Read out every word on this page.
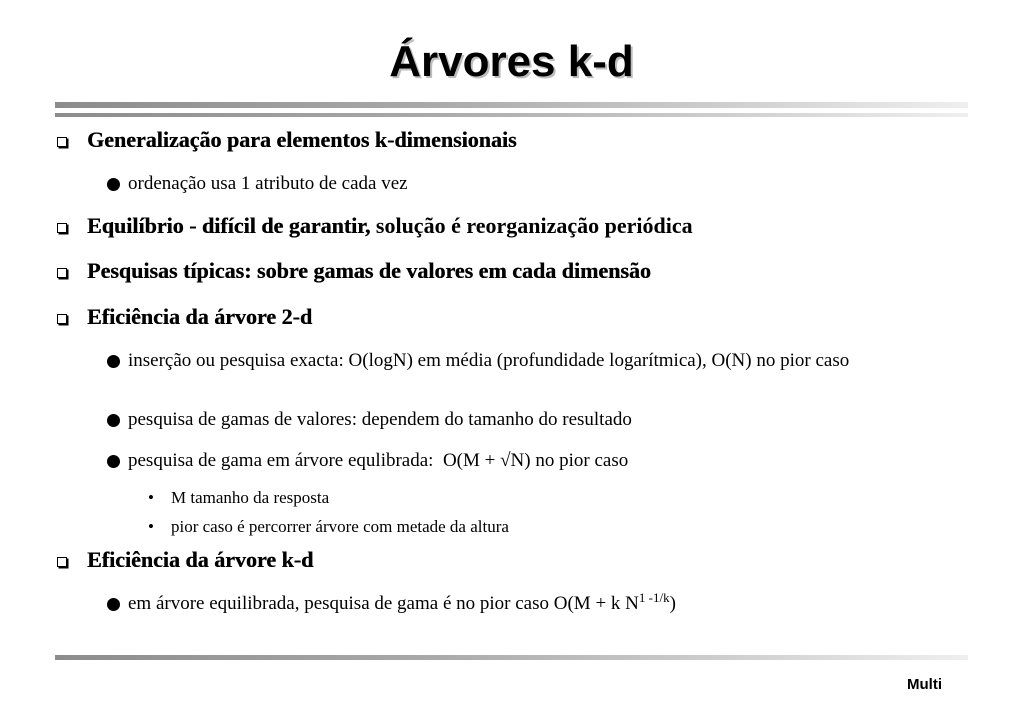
Árvores k-d
Generalização para elementos k-dimensionais
ordenação usa 1 atributo de cada vez
Equilíbrio - difícil de garantir, solução é reorganização periódica
Pesquisas típicas: sobre gamas de valores em cada dimensão
Eficiência da árvore 2-d
inserção ou pesquisa exacta: O(logN) em média (profundidade logarítmica), O(N) no pior caso
pesquisa de gamas de valores: dependem do tamanho do resultado
pesquisa de gama em árvore equlibrada:  O(M + √N) no pior caso
• M tamanho da resposta
• pior caso é percorrer árvore com metade da altura
Eficiência da árvore k-d
em árvore equilibrada, pesquisa de gama é no pior caso O(M + k $N^{1 -1/k}$)
Multi
